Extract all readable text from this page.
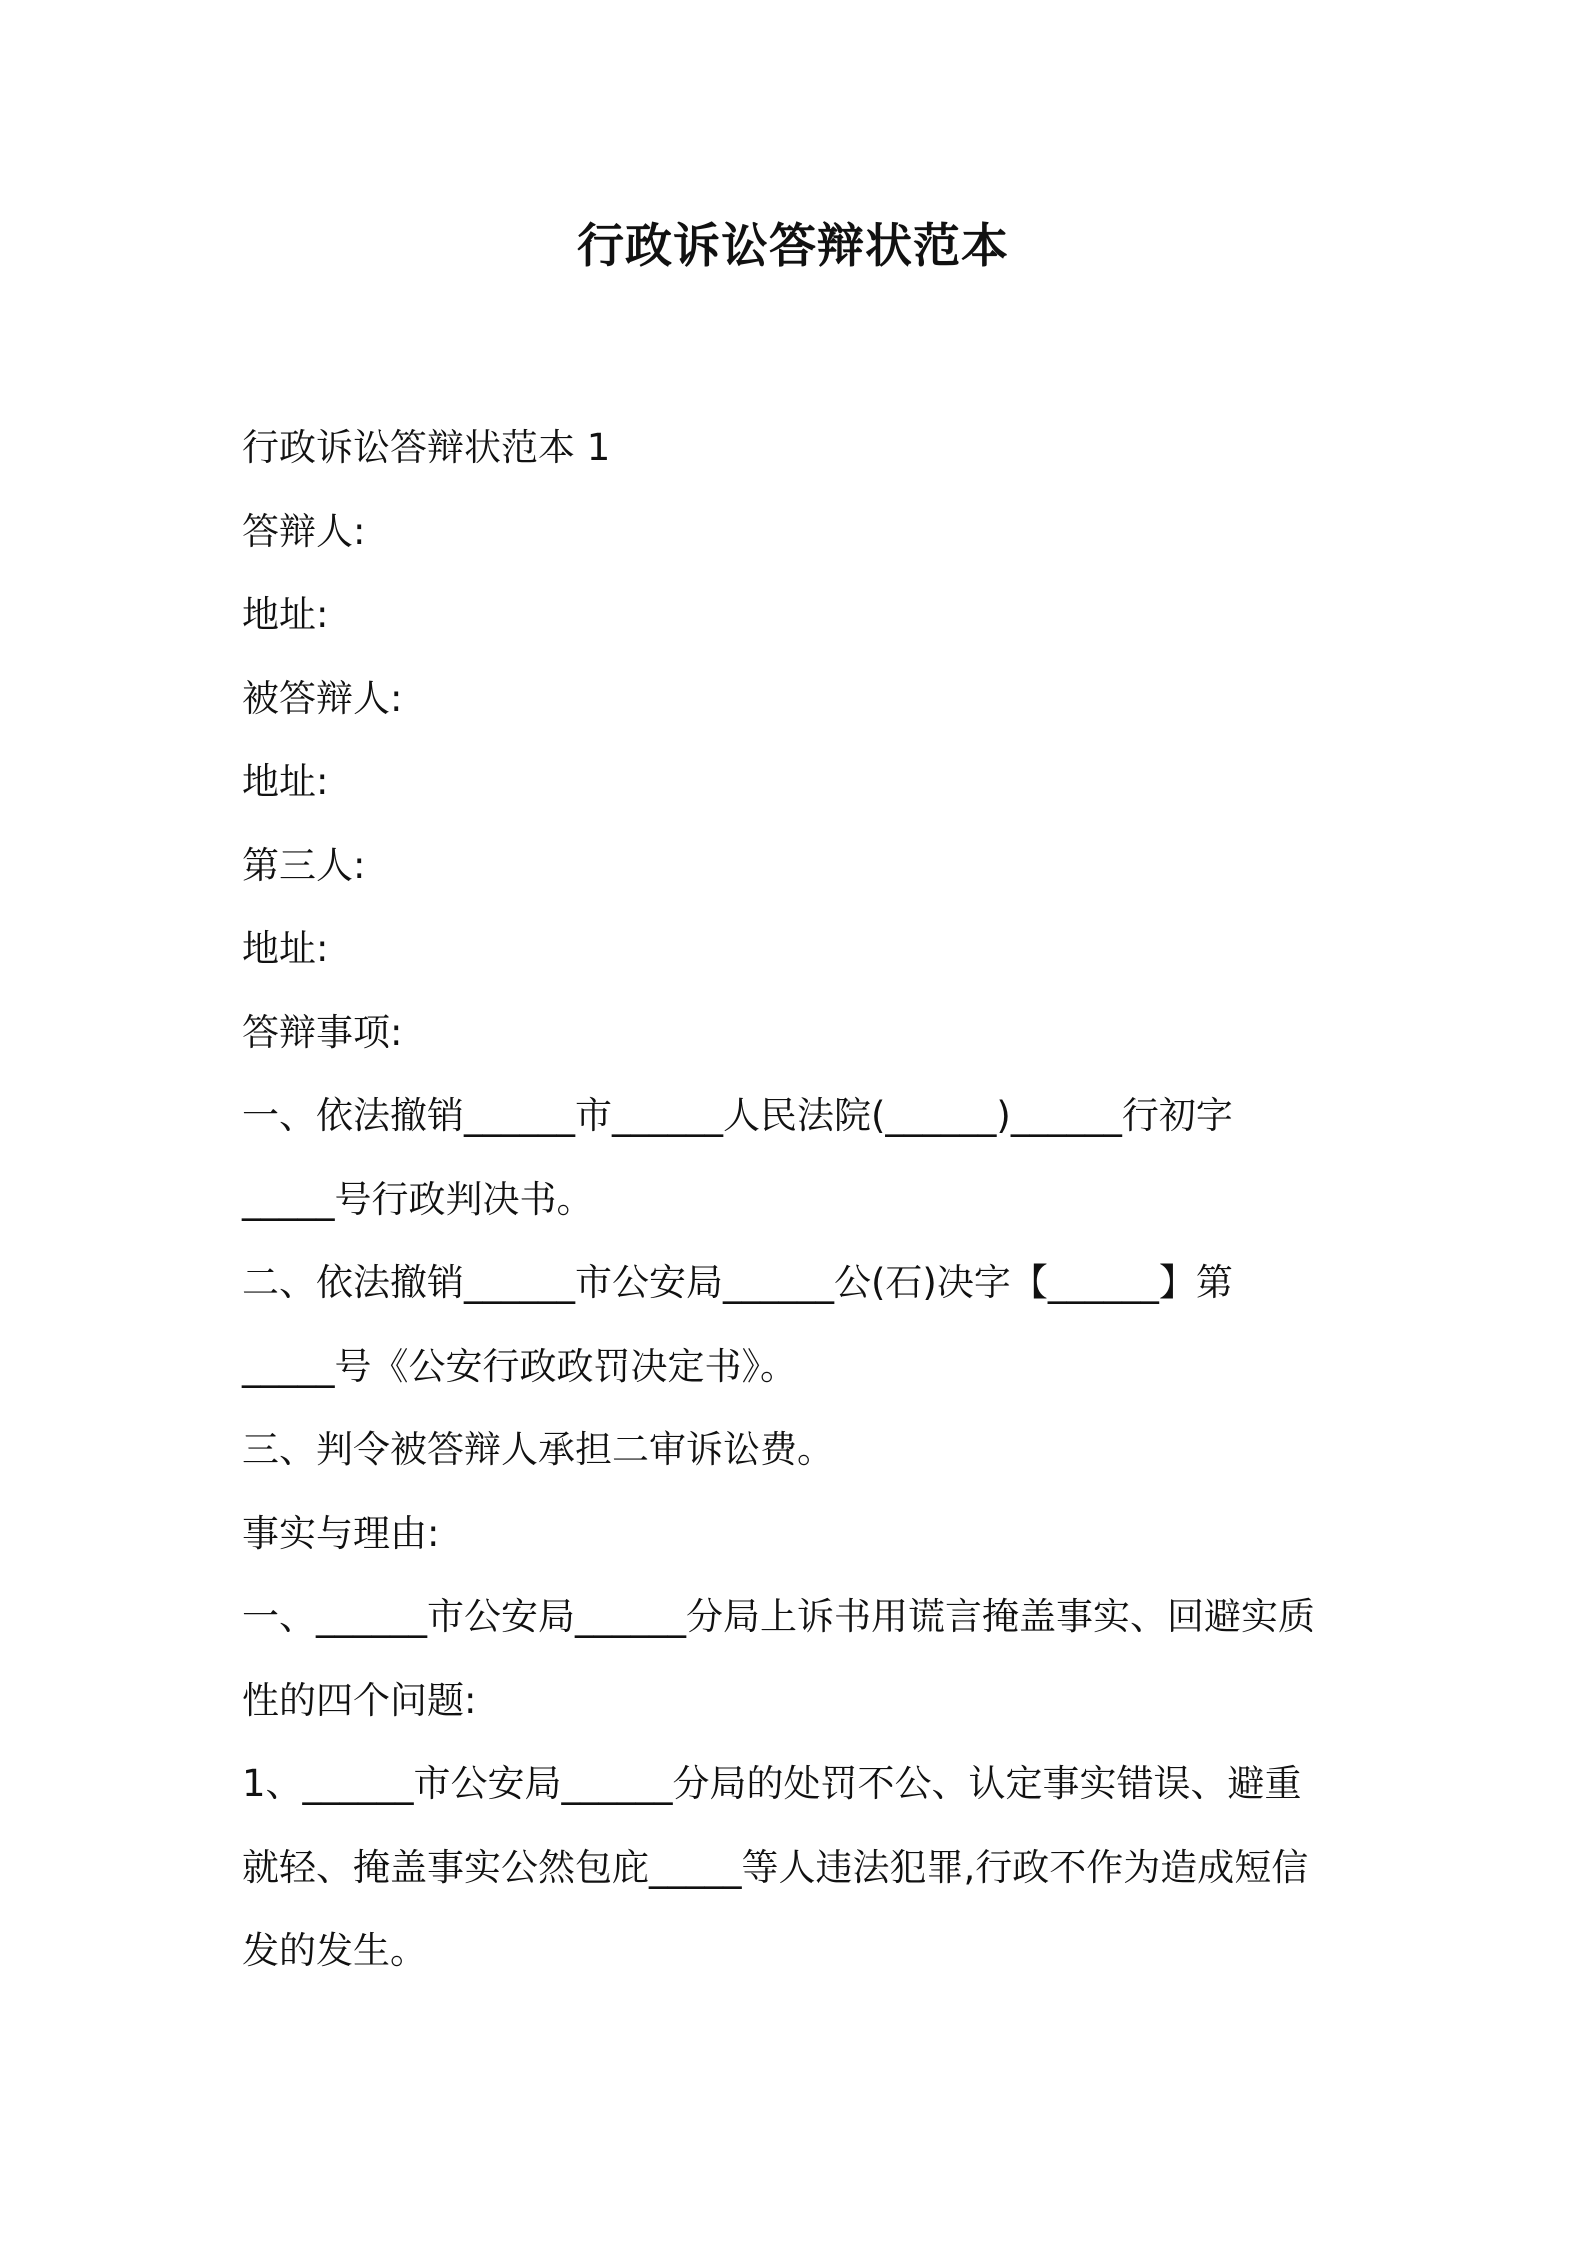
行政诉讼答辩状范本

行政诉讼答辩状范本 1

答辩人:

地址:

被答辩人:

地址:

第三人:

地址:

答辩事项:

一、依法撤销______市______人民法院(______)______行初字

_____号行政判决书。

二、依法撤销______市公安局______公(石)决字【______】第

_____号《公安行政政罚决定书》。

三、判令被答辩人承担二审诉讼费。

事实与理由:

一、______市公安局______分局上诉书用谎言掩盖事实、回避实质

性的四个问题:

1、______市公安局______分局的处罚不公、认定事实错误、避重

就轻、掩盖事实公然包庇_____等人违法犯罪,行政不作为造成短信

发的发生。
